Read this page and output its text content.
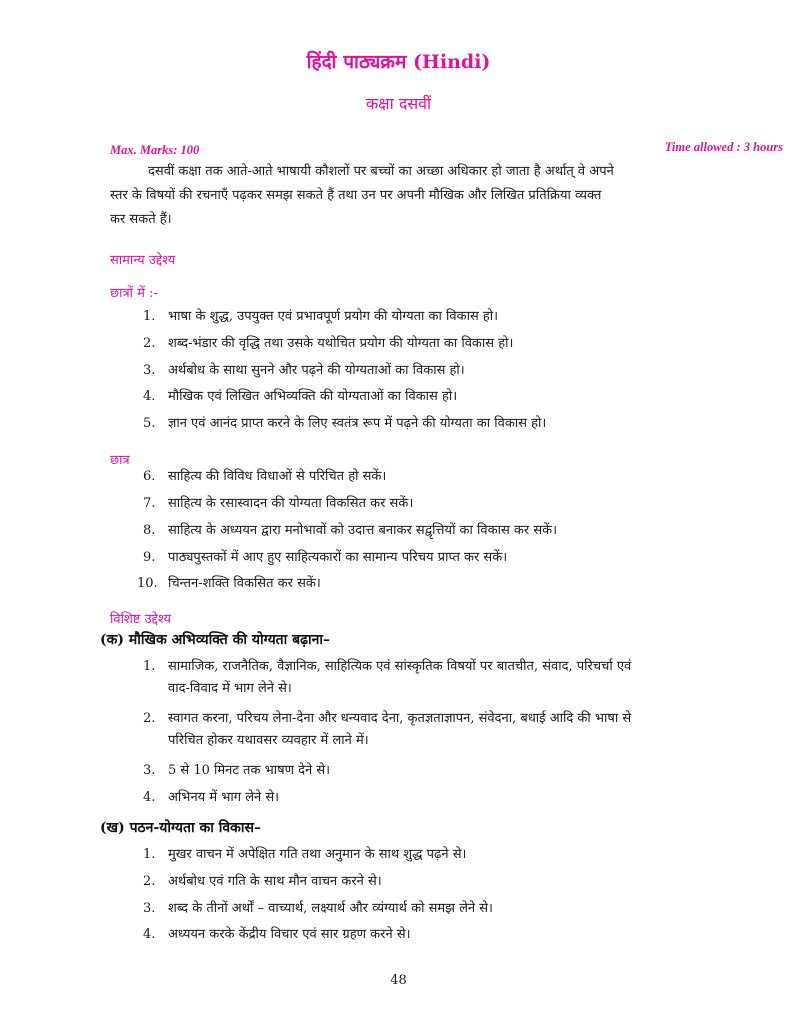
हिंदी पाठ्यक्रम (Hindi)
कक्षा दसवीं
Max. Marks: 100	Time allowed : 3 hours
दसवीं कक्षा तक आते-आते भाषायी कौशलों पर बच्चों का अच्छा अधिकार हो जाता है अर्थात् वे अपने
स्तर के विषयों की रचनाएँ पढ़कर समझ सकते हैं तथा उन पर अपनी मौखिक और लिखित प्रतिक्रिया व्यक्त
कर सकते हैं।
सामान्य उद्देश्य
छात्रों में :-
1. भाषा के शुद्ध, उपयुक्त एवं प्रभावपूर्ण प्रयोग की योग्यता का विकास हो।
2. शब्द-भंडार की वृद्धि तथा उसके यथोचित प्रयोग की योग्यता का विकास हो।
3. अर्थबोध के साथा सुनने और पढ़ने की योग्यताओं का विकास हो।
4. मौखिक एवं लिखित अभिव्यक्ति की योग्यताओं का विकास हो।
5. ज्ञान एवं आनंद प्राप्त करने के लिए स्वतंत्र रूप में पढ़ने की योग्यता का विकास हो।
छात्र
6. साहित्य की विविध विधाओं से परिचित हो सकें।
7. साहित्य के रसास्वादन की योग्यता विकसित कर सकें।
8. साहित्य के अध्ययन द्वारा मनोभावों को उदात्त बनाकर सद्वृत्तियों का विकास कर सकें।
9. पाठ्यपुस्तकों में आए हुए साहित्यकारों का सामान्य परिचय प्राप्त कर सकें।
10. चिन्तन-शक्ति विकसित कर सकें।
विशिष्ट उद्देश्य
(क) मौखिक अभिव्यक्ति की योग्यता बढ़ाना–
1. सामाजिक, राजनैतिक, वैज्ञानिक, साहित्यिक एवं सांस्कृतिक विषयों पर बातचीत, संवाद, परिचर्चा एवं
वाद-विवाद में भाग लेने से।
2. स्वागत करना, परिचय लेना-देना और धन्यवाद देना, कृतज्ञताज्ञापन, संवेदना, बधाई आदि की भाषा से
परिचित होकर यथावसर व्यवहार में लाने में।
3. 5 से 10 मिनट तक भाषण देने से।
4. अभिनय में भाग लेने से।
(ख) पठन-योग्यता का विकास–
1. मुखर वाचन में अपेक्षित गति तथा अनुमान के साथ शुद्ध पढ़ने से।
2. अर्थबोध एवं गति के साथ मौन वाचन करने से।
3. शब्द के तीनों अर्थों – वाच्यार्थ, लक्ष्यार्थ और व्यंग्यार्थ को समझ लेने से।
4. अध्ययन करके केंद्रीय विचार एवं सार ग्रहण करने से।
48
